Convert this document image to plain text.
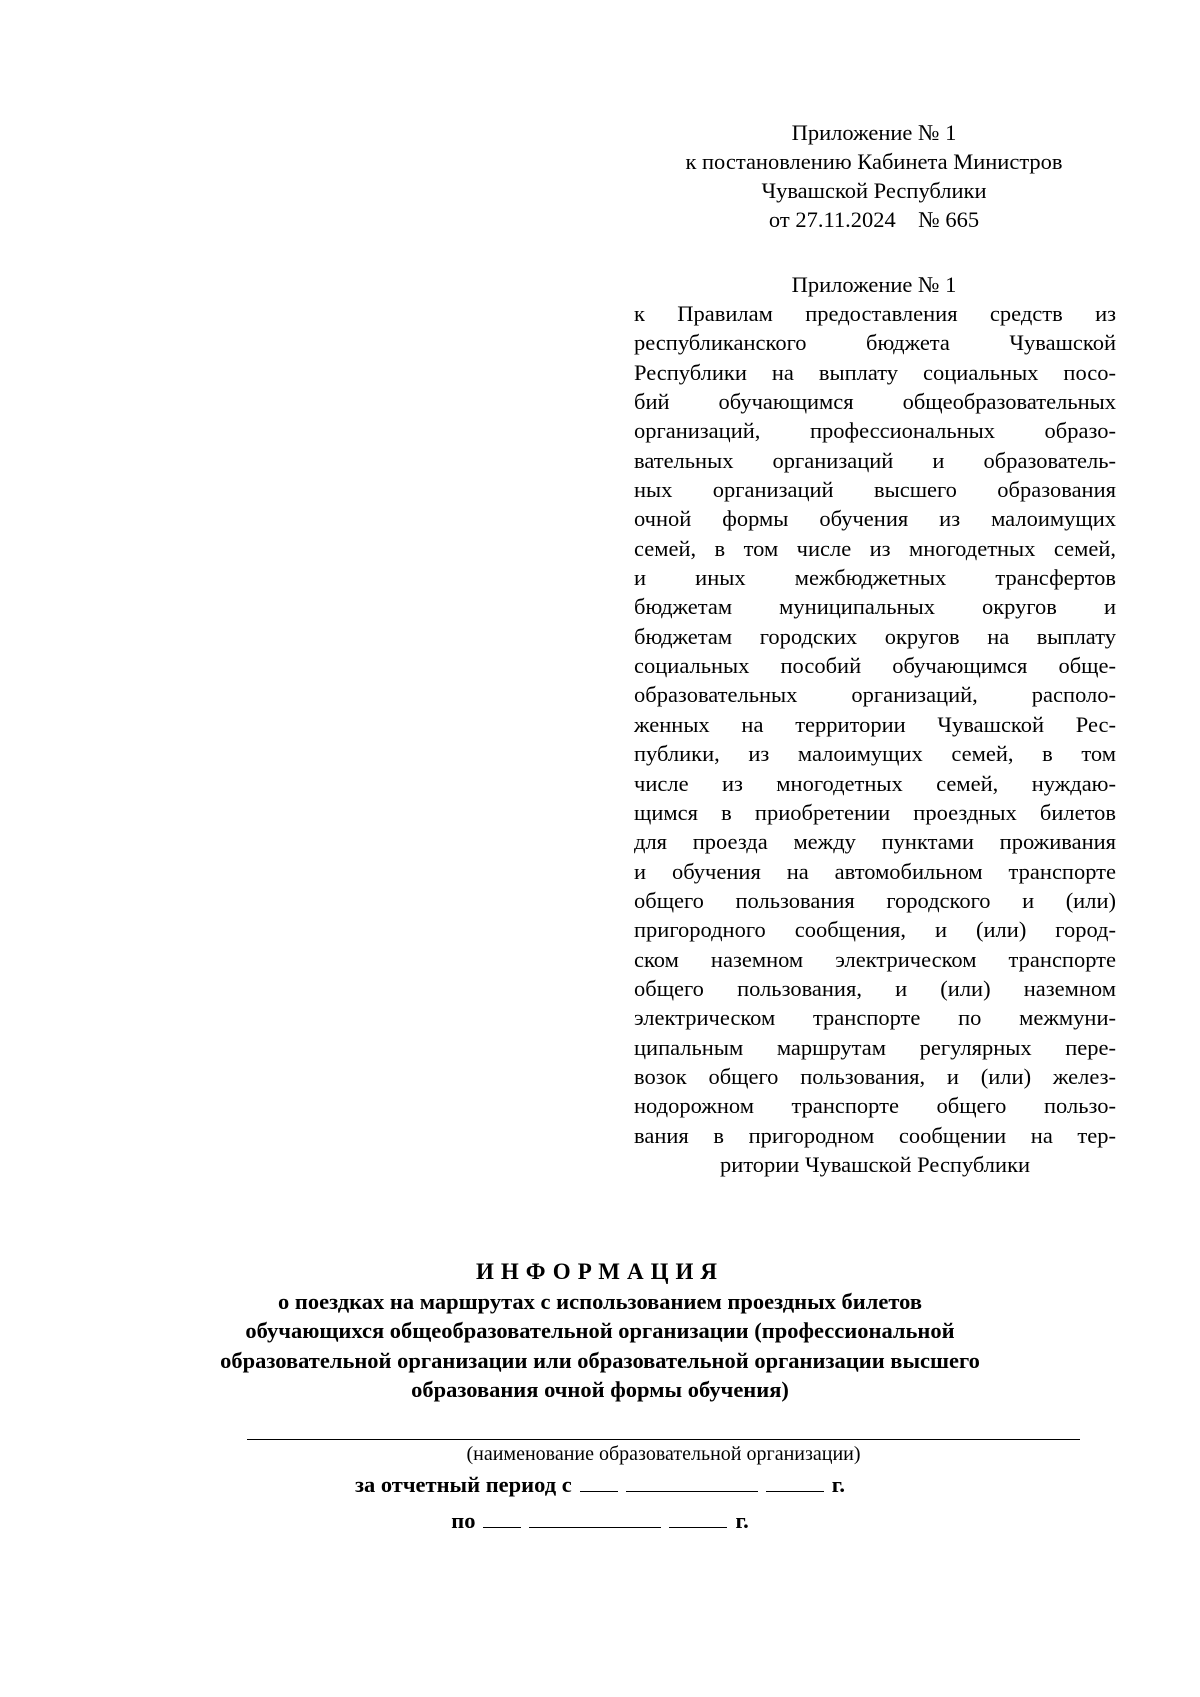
Приложение № 1
к постановлению Кабинета Министров
Чувашской Республики
от 27.11.2024    № 665
Приложение № 1
к Правилам предоставления средств из
республиканского бюджета Чувашской
Республики на выплату социальных посо-
бий обучающимся общеобразовательных
организаций, профессиональных образо-
вательных организаций и образователь-
ных организаций высшего образования
очной формы обучения из малоимущих
семей, в том числе из многодетных семей,
и иных межбюджетных трансфертов
бюджетам муниципальных округов и
бюджетам городских округов на выплату
социальных пособий обучающимся обще-
образовательных организаций, располо-
женных на территории Чувашской Рес-
публики, из малоимущих семей, в том
числе из многодетных семей, нуждаю-
щимся в приобретении проездных билетов
для проезда между пунктами проживания
и обучения на автомобильном транспорте
общего пользования городского и (или)
пригородного сообщения, и (или) город-
ском наземном электрическом транспорте
общего пользования, и (или) наземном
электрическом транспорте по межмуни-
ципальным маршрутам регулярных пере-
возок общего пользования, и (или) желез-
нодорожном транспорте общего пользо-
вания в пригородном сообщении на тер-
ритории Чувашской Республики
ИНФОРМАЦИЯ
о поездках на маршрутах с использованием проездных билетов
обучающихся общеобразовательной организации (профессиональной
образовательной организации или образовательной организации высшего
образования очной формы обучения)
(наименование образовательной организации)
за отчетный период с	г.
по	г.
